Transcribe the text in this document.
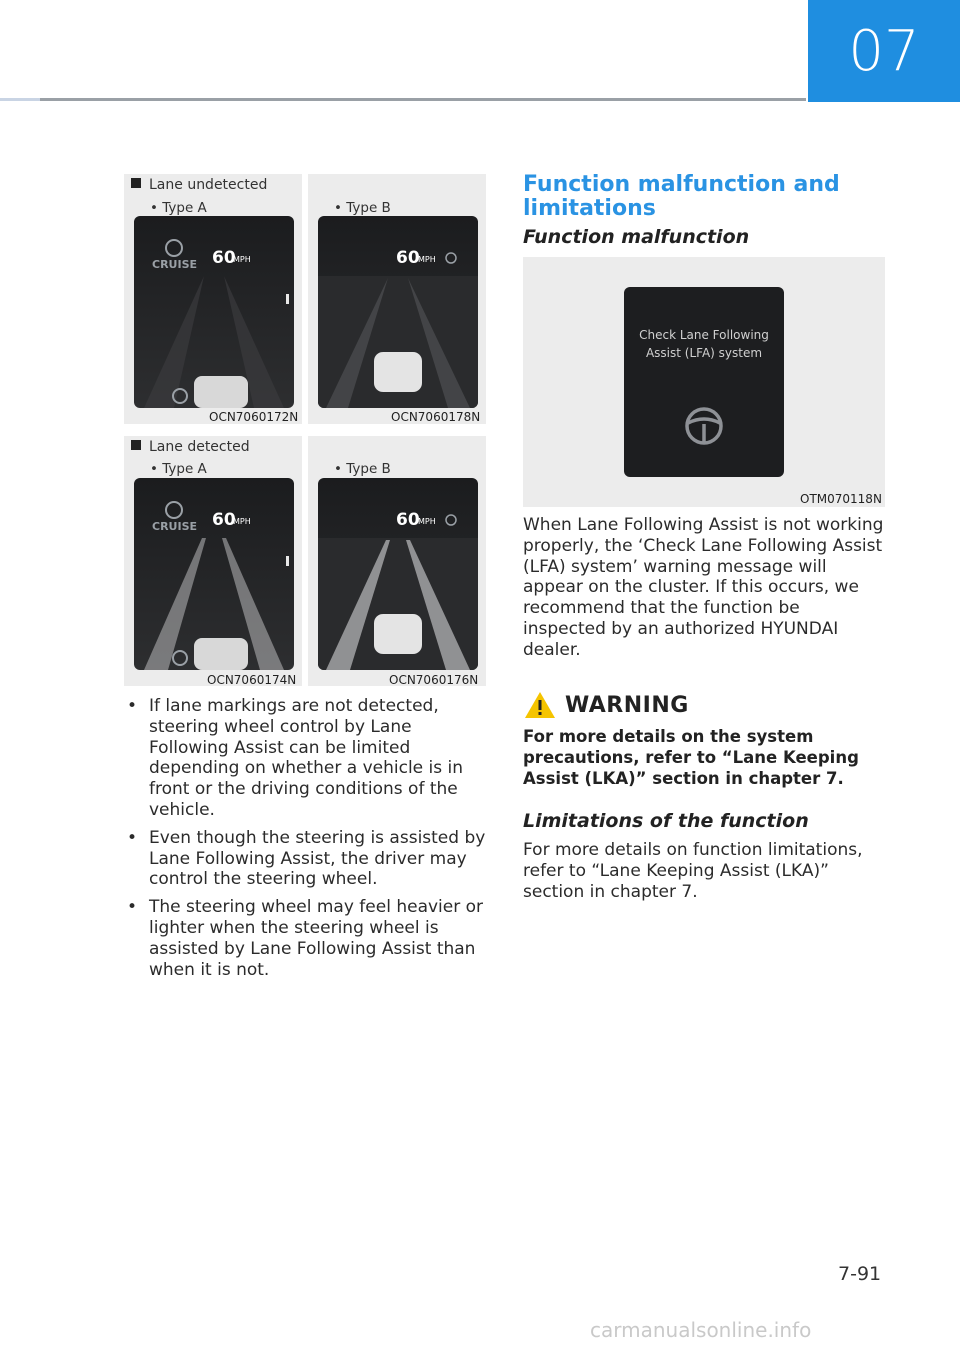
07
Lane undetected
• Type A	• Type B
CRUISE 60
MPH	60
MPH
OCN7060172N	OCN7060178N
Lane detected
• Type A	• Type B
CRUISE 60
MPH	60
MPH
OCN7060174N	OCN7060176N
• If lane markings are not detected, steering wheel control by Lane Following Assist can be limited depending on whether a vehicle is in front or the driving conditions of the vehicle.
• Even though the steering is assisted by Lane Following Assist, the driver may control the steering wheel.
• The steering wheel may feel heavier or lighter when the steering wheel is assisted by Lane Following Assist than when it is not.
Function malfunction and limitations
Function malfunction
Check Lane Following
Assist (LFA) system
OTM070118N

When Lane Following Assist is not working properly, the ‘Check Lane Following Assist (LFA) system’ warning message will appear on the cluster. If this occurs, we recommend that the function be inspected by an authorized HYUNDAI dealer.

WARNING

For more details on the system precautions, refer to “Lane Keeping Assist (LKA)” section in chapter 7.

Limitations of the function

For more details on function limitations, refer to “Lane Keeping Assist (LKA)” section in chapter 7.

7-91
carmanualsonline.info
